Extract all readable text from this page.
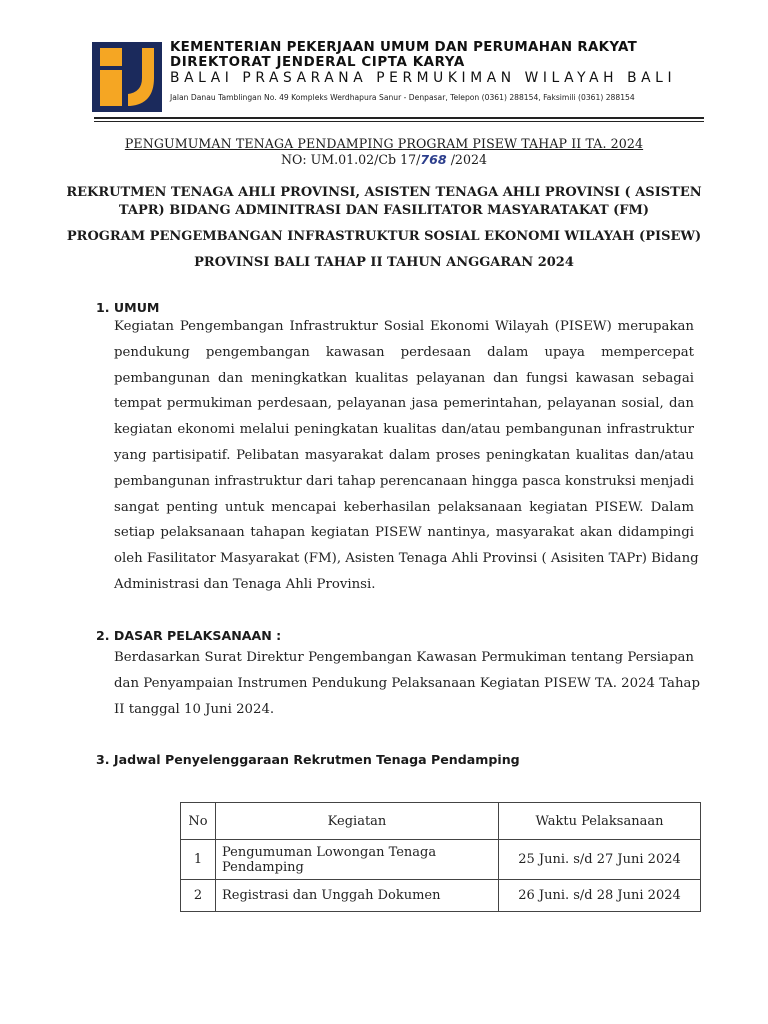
KEMENTERIAN PEKERJAAN UMUM DAN PERUMAHAN RAKYAT
DIREKTORAT JENDERAL CIPTA KARYA
BALAI PRASARANA PERMUKIMAN WILAYAH BALI
Jalan Danau Tamblingan No. 49 Kompleks Werdhapura Sanur - Denpasar, Telepon (0361) 288154, Faksimili (0361) 288154
PENGUMUMAN TENAGA PENDAMPING PROGRAM PISEW TAHAP II TA. 2024
NO: UM.01.02/Cb 17/768 /2024
REKRUTMEN TENAGA AHLI PROVINSI, ASISTEN TENAGA AHLI PROVINSI ( ASISTEN
TAPR) BIDANG ADMINITRASI DAN FASILITATOR MASYARATAKAT (FM)
PROGRAM PENGEMBANGAN INFRASTRUKTUR SOSIAL EKONOMI WILAYAH (PISEW)
PROVINSI BALI TAHAP II TAHUN ANGGARAN 2024
1. UMUM
Kegiatan Pengembangan Infrastruktur Sosial Ekonomi Wilayah (PISEW) merupakan
pendukung pengembangan kawasan perdesaan dalam upaya mempercepat
pembangunan dan meningkatkan kualitas pelayanan dan fungsi kawasan sebagai
tempat permukiman perdesaan, pelayanan jasa pemerintahan, pelayanan sosial, dan
kegiatan ekonomi melalui peningkatan kualitas dan/atau pembangunan infrastruktur
yang partisipatif. Pelibatan masyarakat dalam proses peningkatan kualitas dan/atau
pembangunan infrastruktur dari tahap perencanaan hingga pasca konstruksi menjadi
sangat penting untuk mencapai keberhasilan pelaksanaan kegiatan PISEW. Dalam
setiap pelaksanaan tahapan kegiatan PISEW nantinya, masyarakat akan didampingi
oleh Fasilitator Masyarakat (FM), Asisten Tenaga Ahli Provinsi ( Asisiten TAPr) Bidang
Administrasi dan Tenaga Ahli Provinsi.
2. DASAR PELAKSANAAN :
Berdasarkan Surat Direktur Pengembangan Kawasan Permukiman tentang Persiapan
dan Penyampaian Instrumen Pendukung Pelaksanaan Kegiatan PISEW TA. 2024 Tahap
II tanggal 10 Juni 2024.
3. Jadwal Penyelenggaraan Rekrutmen Tenaga Pendamping
No	Kegiatan	Waktu Pelaksanaan
1	Pengumuman Lowongan Tenaga Pendamping	25 Juni. s/d 27 Juni 2024
2	Registrasi dan Unggah Dokumen	26 Juni. s/d 28 Juni 2024
